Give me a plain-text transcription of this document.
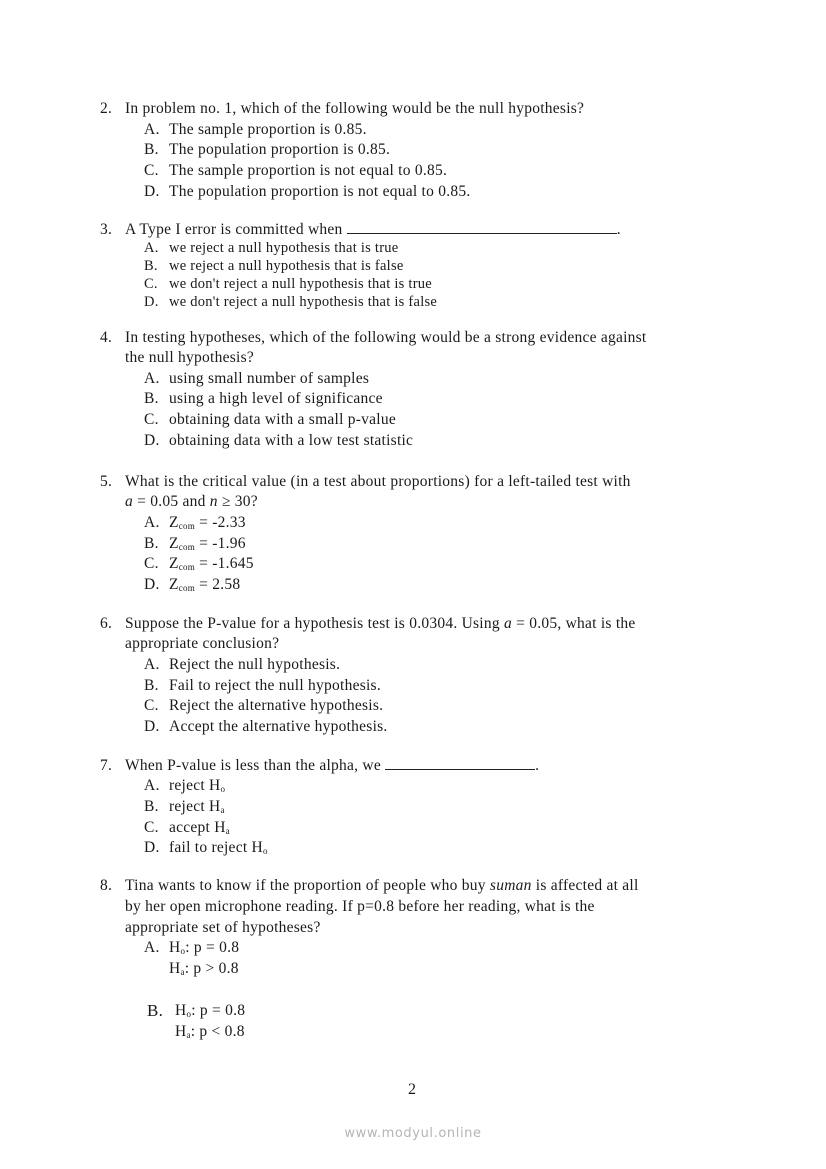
2. In problem no. 1, which of the following would be the null hypothesis?
A. The sample proportion is 0.85.
B. The population proportion is 0.85.
C. The sample proportion is not equal to 0.85.
D. The population proportion is not equal to 0.85.
3. A Type I error is committed when	.
A. we reject a null hypothesis that is true
B. we reject a null hypothesis that is false
C. we don't reject a null hypothesis that is true
D. we don't reject a null hypothesis that is false
4. In testing hypotheses, which of the following would be a strong evidence against
the null hypothesis?
A. using small number of samples
B. using a high level of significance
C. obtaining data with a small p-value
D. obtaining data with a low test statistic
5. What is the critical value (in a test about proportions) for a left-tailed test with
a = 0.05 and n ≥ 30?
A. $Z_{com} = -2.33$
B. $Z_{com} = -1.96$
C. $Z_{com} = -1.645$
D. $Z_{com} = 2.58$
6. Suppose the P-value for a hypothesis test is 0.0304. Using a = 0.05, what is the
appropriate conclusion?
A. Reject the null hypothesis.
B. Fail to reject the null hypothesis.
C. Reject the alternative hypothesis.
D. Accept the alternative hypothesis.
7. When P-value is less than the alpha, we	.
A. reject $H_o$
B. reject $H_a$
C. accept $H_a$
D. fail to reject $H_o$
8. Tina wants to know if the proportion of people who buy suman is affected at all
by her open microphone reading. If p=0.8 before her reading, what is the
appropriate set of hypotheses?
A. $H_o$: p = 0.8
$H_a$: p > 0.8
B. $H_o$: p = 0.8
$H_a$: p < 0.8
2
www.modyul.online
